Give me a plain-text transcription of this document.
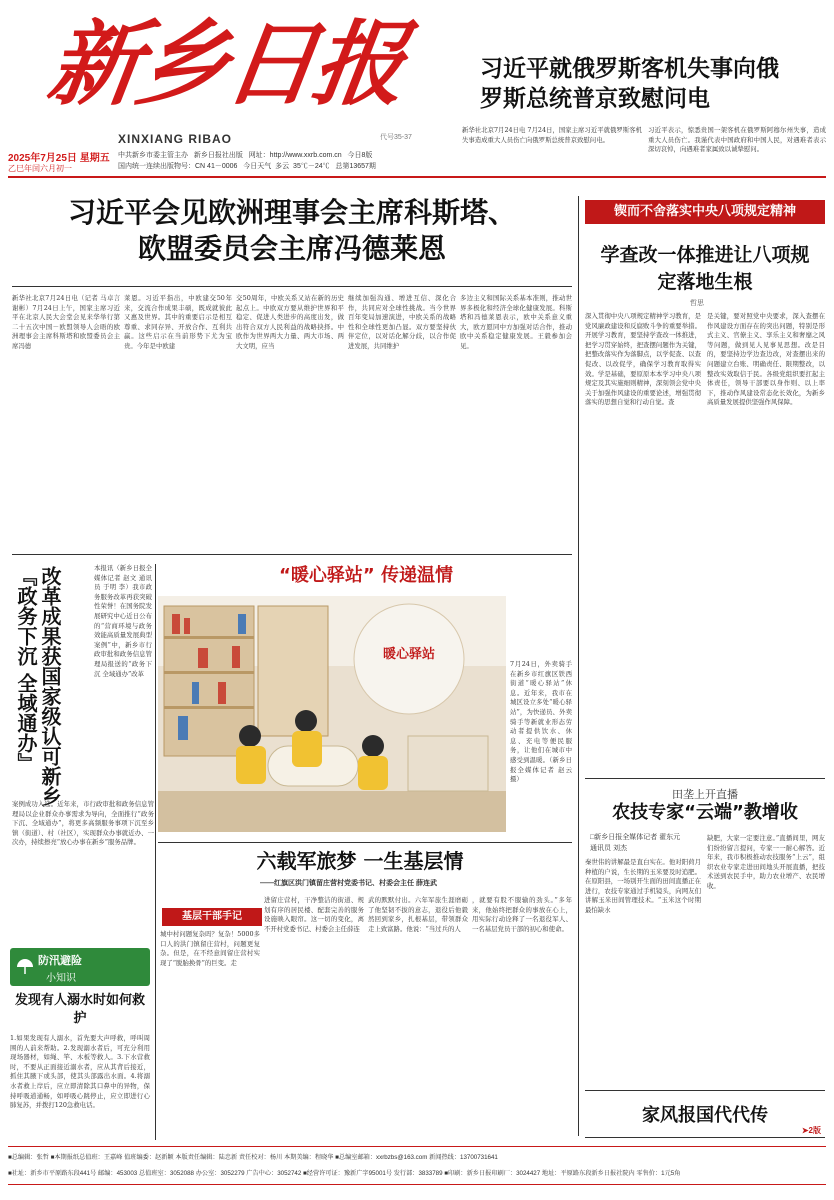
新乡日报
XINXIANG RIBAO
2025年7月25日 星期五
乙巳年闰六月初一
中共新乡市委主管主办 新乡日报社出版 网址：http://www.xxrb.com.cn 今日8版
国内统一连续出版物号：CN 41－0006 今日天气 多云 35℃－24℃ 总第13657期
代号35-37
习近平就俄罗斯客机失事向俄罗斯总统普京致慰问电
新华社北京7月24日电 7月24日，国家主席习近平就俄罗斯客机失事造成重大人员伤亡向俄罗斯总统普京致慰问电。
习近平表示，惊悉贵国一架客机在俄罗斯阿穆尔州失事，造成重大人员伤亡。我谨代表中国政府和中国人民，对遇难者表示深切哀悼，向遇难者家属致以诚挚慰问。
习近平会见欧洲理事会主席科斯塔、
欧盟委员会主席冯德莱恩
新华社北京7月24日电（记者 马卓言 谢彬）7月24日上午，国家主席习近平在北京人民大会堂会见来华举行第二十五次中国－欧盟领导人会晤的欧洲理事会主席科斯塔和欧盟委员会主席冯德
莱恩。习近平指出，中欧建交50年来，交流合作成果丰硕，既成就彼此又惠及世界。其中的重要启示是相互尊重、求同存异、开放合作、互利共赢。这些启示在当前形势下尤为宝贵。今年是中欧建
交50周年，中欧关系又站在新的历史起点上。中欧双方要从维护世界和平稳定、促进人类进步的高度出发，做出符合双方人民利益的战略抉择。中欧作为世界两大力量、两大市场、两大文明，应当
继续加强沟通、增进互信、深化合作，共同应对全球性挑战。当今世界百年变局加速演进，中欧关系的战略性和全球性更加凸显。双方要坚持伙伴定位，以对话化解分歧，以合作促进发展，共同维护
多边主义和国际关系基本准则，推动世界多极化和经济全球化健康发展。科斯塔和冯德莱恩表示，欧中关系意义重大，欧方愿同中方加强对话合作，推动欧中关系稳定健康发展。王毅参加会见。
锲而不舍落实中央八项规定精神
学查改一体推进让八项规定落地生根
哲思
深入贯彻中央八项规定精神学习教育，是党风廉政建设和反腐败斗争的重要举措。开展学习教育，要坚持学查改一体推进，把学习贯穿始终，把查摆问题作为关键，把整改落实作为落脚点，以学促查、以查促改、以改促学，确保学习教育取得实效。学是基础，要原原本本学习中央八项规定及其实施细则精神，深刻领会党中央关于加强作风建设的重要论述，增强贯彻落实的思想自觉和行动自觉。查
是关键，要对照党中央要求，深入查摆在作风建设方面存在的突出问题，特别是形式主义、官僚主义、享乐主义和奢靡之风等问题，做到见人见事见思想。改是目的，要坚持边学边查边改，对查摆出来的问题建立台账、明确责任、限期整改，以整改实效取信于民。各级党组织要扛起主体责任，领导干部要以身作则、以上率下，推动作风建设常态化长效化，为新乡高质量发展提供坚强作风保障。
改革成果获国家级认可新乡『政务下沉 全域通办』	本报讯（新乡日报全媒体记者 赵文 通讯员 于明 李）我市政务服务改革再获突破性荣誉！在国务院发展研究中心近日公布的“营商环境与政务效能高质量发展典型案例”中，新乡市行政审批和政务信息管理局报送的“政务下沉 全域通办”改革
案例成功入选。近年来，市行政审批和政务信息管理局以企业群众办事需求为导向，全面推行“政务下沉、全域通办”，将更多高频服务事项下沉至乡镇（街道）、村（社区），实现群众办事就近办、一次办，持续擦亮“放心办事在新乡”服务品牌。
“暖心驿站” 传递温情
暖心驿站
7月24日，外卖骑手在新乡市红旗区铁西街道“暖心驿站”休息。近年来，我市在城区设立多处“暖心驿站”，为快递员、外卖骑手等新就业形态劳动者提供饮水、休息、充电等便民服务，让他们在城市中感受到温暖。（新乡日报全媒体记者 赵云 摄）
六载军旅梦 一生基层情
——红旗区洪门镇留庄营村党委书记、村委会主任 薛连武
基层干部手记
城中村问题复杂吗？复杂！5000多口人的洪门镇留庄营村，问题更复杂。但是，在不经意间留庄营村实现了“脱胎换骨”的巨变。走
进留庄营村，干净整洁的街道、规划有序的居民楼、配套完善的服务设施映入眼帘。这一切的变化，离不开村党委书记、村委会主任薛连
武的默默付出。六年军旅生涯磨砺了他坚韧不拔的意志，退役后他毅然回到家乡，扎根基层，带领群众走上致富路。他说：“当过兵的人
，就要有股不服输的劲头。”多年来，他始终把群众的事放在心上，用实际行动诠释了一名退役军人、一名基层党员干部的初心和使命。
防汛避险
小知识
发现有人溺水时如何救护
1.如果发现有人溺水，首先要大声呼救，呼叫周围的人前来帮助。2.发现溺水者后，可充分利用现场器材，如绳、竿、木板等救人。3.下水营救时，不要从正面接近溺水者，应从其背后接近，抓住其腋下或头部，使其头部露出水面。4.将溺水者救上岸后，应立即清除其口鼻中的异物，保持呼吸道通畅，如呼吸心跳停止，应立即进行心肺复苏，并拨打120急救电话。
田垄上开直播
农技专家“云端”教增收
□新乡日报全媒体记者 翟东元
通讯员 刘杰
秦世伟的讲解最是直白实在。他对阳荷月种植的户说，生长期的玉米要及时追肥。在原阳县，一场别开生面的田间直播正在进行，农技专家通过手机镜头，向网友们讲解玉米田间管理技术。“玉米这个时期最怕缺水
缺肥，大家一定要注意。”直播间里，网友们纷纷留言提问，专家一一耐心解答。近年来，我市积极推动农技服务“上云”，组织农业专家走进田间地头开展直播，把技术送到农民手中，助力农业增产、农民增收。
家风报国代代传
➤2版
■总编辑：张哲 ■本期报纸总值班：王嘉峰 值班编委：赵新颖 本版责任编辑：陆忠新 责任校对：杨川 本期美编：程晓华 ■总编室邮箱：xxrbzbs@163.com 新闻热线：13700731641
■社址：新乡市平原路东段441号 邮编：453003 总值班室：3052088 办公室：3052279 广告中心：3052742 ■经营许可证：豫新广字95001号 发行部：3833789 ■印刷：新乡日报印刷厂：3024427 地址：平原路东段新乡日报社院内 零售价：1元5角
